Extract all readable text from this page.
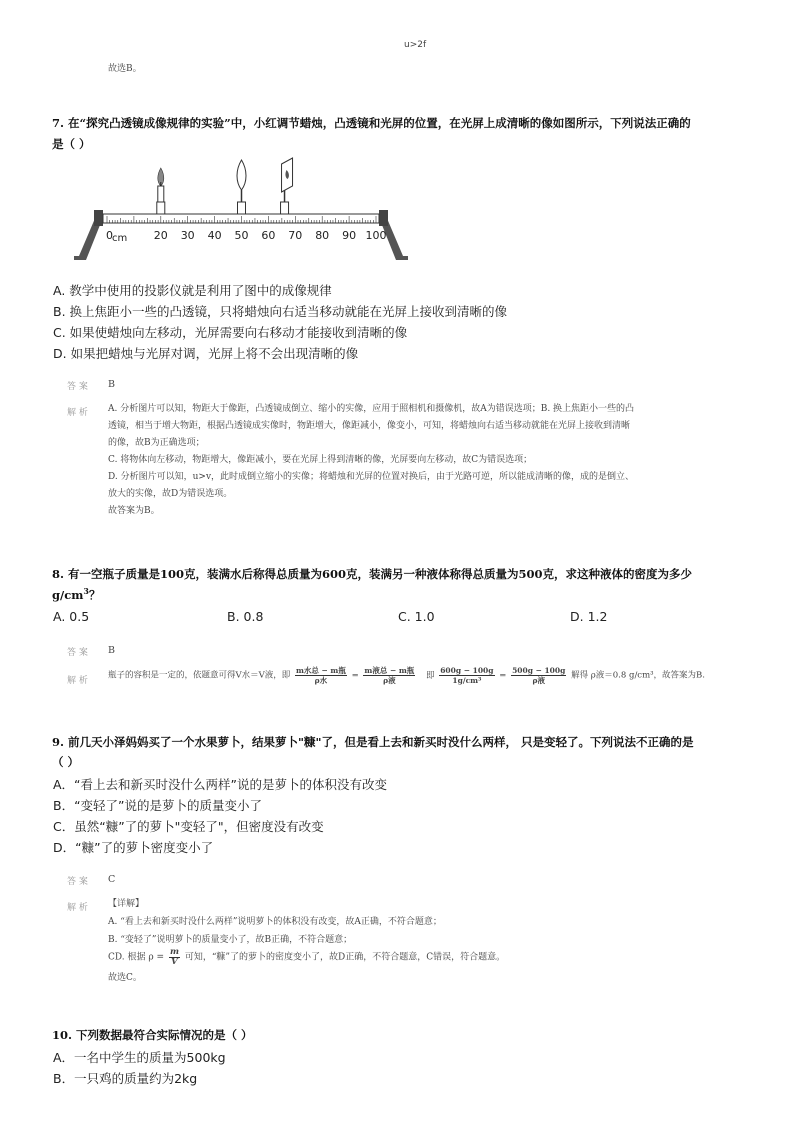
u>2f
故选B。
7. 在“探究凸透镜成像规律的实验”中，小红调节蜡烛，凸透镜和光屏的位置，在光屏上成清晰的像如图所示，下列说法正确的
是（ ）
0	20 30 40 50 60 70 80 90 100
cm
A. 教学中使用的投影仪就是利用了图中的成像规律
B. 换上焦距小一些的凸透镜，只将蜡烛向右适当移动就能在光屏上接收到清晰的像
C. 如果使蜡烛向左移动，光屏需要向右移动才能接收到清晰的像
D. 如果把蜡烛与光屏对调，光屏上将不会出现清晰的像
答 案 B
解 析 A. 分析图片可以知，物距大于像距，凸透镜成倒立、缩小的实像，应用于照相机和摄像机，故A为错误选项；B. 换上焦距小一些的凸
透镜，相当于增大物距，根据凸透镜成实像时，物距增大，像距减小，像变小，可知，将蜡烛向右适当移动就能在光屏上接收到清晰
的像，故B为正确选项；
C. 将物体向左移动，物距增大，像距减小，要在光屏上得到清晰的像，光屏要向左移动，故C为错误选项；
D. 分析图片可以知，u>v，此时成倒立缩小的实像；将蜡烛和光屏的位置对换后，由于光路可逆，所以能成清晰的像，成的是倒立、
放大的实像，故D为错误选项。
故答案为B。
8. 有一空瓶子质量是100克，装满水后称得总质量为600克，装满另一种液体称得总质量为500克，求这种液体的密度为多少
$g/cm^3$？
A. 0.5	B. 0.8	C. 1.0	D. 1.2
答 案 B
解 析
瓶子的容积是一定的，依题意可得V水＝V液，即 $\frac{\text{m水总 − m瓶}}{\text{ρ水}} = \frac{\text{m液总 − m瓶}}{\text{ρ液}}$ 即 $\frac{600g - 100g}{\text{1g/cm³}} = \frac{500g - 100g}{\text{ρ液}}$ 解得 ρ液＝0.8 g/cm³，故答案为B.
9. 前几天小泽妈妈买了一个水果萝卜，结果萝卜"糠"了，但是看上去和新买时没什么两样， 只是变轻了。下列说法不正确的是
（ ）
A．“看上去和新买时没什么两样”说的是萝卜的体积没有改变
B．“变轻了”说的是萝卜的质量变小了
C．虽然“糠”了的萝卜"变轻了"，但密度没有改变
D．“糠”了的萝卜密度变小了
答 案 C
解 析 【详解】
A. “看上去和新买时没什么两样”说明萝卜的体积没有改变，故A正确，不符合题意；
B. “变轻了”说明萝卜的质量变小了，故B正确，不符合题意；
CD. 根据 $\rho = \frac{m}{V}$ 可知，“糠”了的萝卜的密度变小了，故D正确，不符合题意，C错误，符合题意。
故选C。
10. 下列数据最符合实际情况的是（ ）
A．一名中学生的质量为500kg
B．一只鸡的质量约为2kg
